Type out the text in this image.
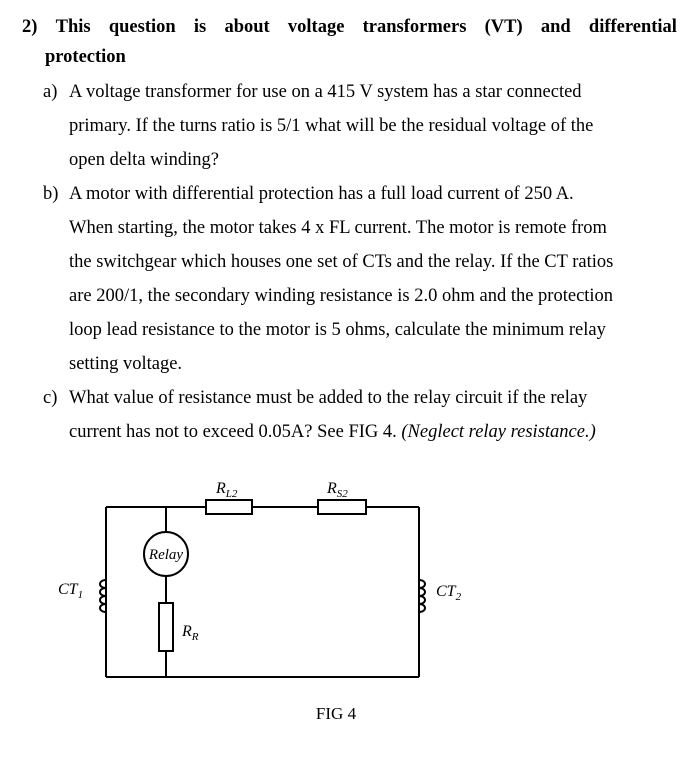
2) This question is about voltage transformers (VT) and differential
protection
a) A voltage transformer for use on a 415 V system has a star connected
primary. If the turns ratio is 5/1 what will be the residual voltage of the
open delta winding?
b) A motor with differential protection has a full load current of 250 A.
When starting, the motor takes 4 x FL current. The motor is remote from
the switchgear which houses one set of CTs and the relay. If the CT ratios
are 200/1, the secondary winding resistance is 2.0 ohm and the protection
loop lead resistance to the motor is 5 ohms, calculate the minimum relay
setting voltage.
c) What value of resistance must be added to the relay circuit if the relay
current has not to exceed 0.05A? See FIG 4. (Neglect relay resistance.)
$R_{L2}$	$R_{S2}$
Relay
$R_R$
$CT_1$	$CT_2$
FIG 4
